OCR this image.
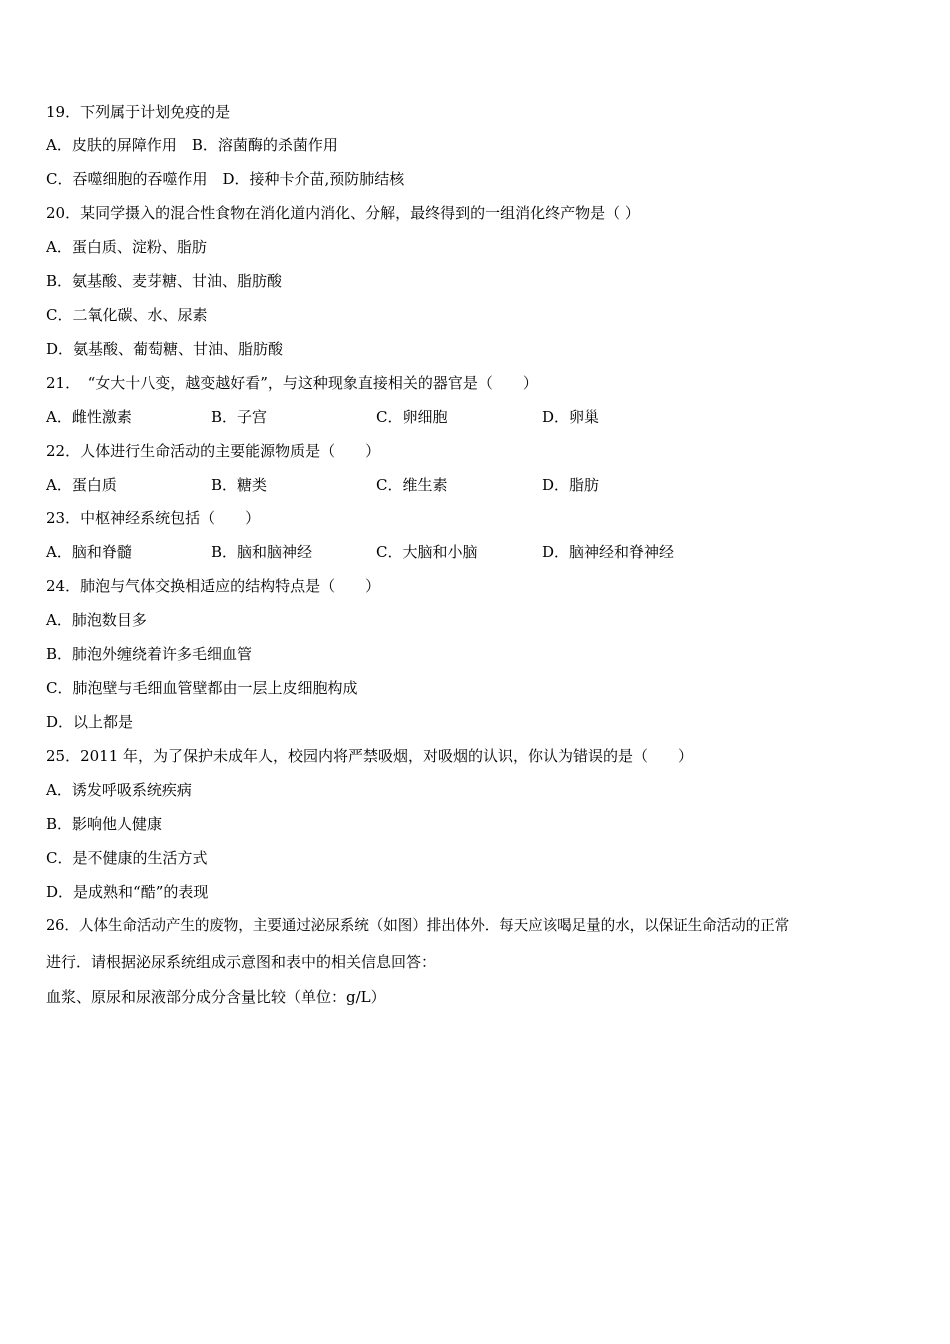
19．下列属于计划免疫的是
A．皮肤的屏障作用　B．溶菌酶的杀菌作用
C．吞噬细胞的吞噬作用　D．接种卡介苗,预防肺结核
20．某同学摄入的混合性食物在消化道内消化、分解，最终得到的一组消化终产物是（ ）
A．蛋白质、淀粉、脂肪
B．氨基酸、麦芽糖、甘油、脂肪酸
C．二氧化碳、水、尿素
D．氨基酸、葡萄糖、甘油、脂肪酸
21．　“女大十八变，越变越好看”，与这种现象直接相关的器官是（　　）
A．雌性激素	B．子宫	C．卵细胞	D．卵巢
22．人体进行生命活动的主要能源物质是（　　）
A．蛋白质	B．糖类	C．维生素	D．脂肪
23．中枢神经系统包括（　　）
A．脑和脊髓	B．脑和脑神经	C．大脑和小脑	D．脑神经和脊神经
24．肺泡与气体交换相适应的结构特点是（　　）
A．肺泡数目多
B．肺泡外缠绕着许多毛细血管
C．肺泡壁与毛细血管壁都由一层上皮细胞构成
D．以上都是
25．2011 年，为了保护未成年人，校园内将严禁吸烟，对吸烟的认识，你认为错误的是（　　）
A．诱发呼吸系统疾病
B．影响他人健康
C．是不健康的生活方式
D．是成熟和“酷”的表现
26．人体生命活动产生的废物，主要通过泌尿系统（如图）排出体外．每天应该喝足量的水，以保证生命活动的正常
进行．请根据泌尿系统组成示意图和表中的相关信息回答：
血浆、原尿和尿液部分成分含量比较（单位：g/L）
